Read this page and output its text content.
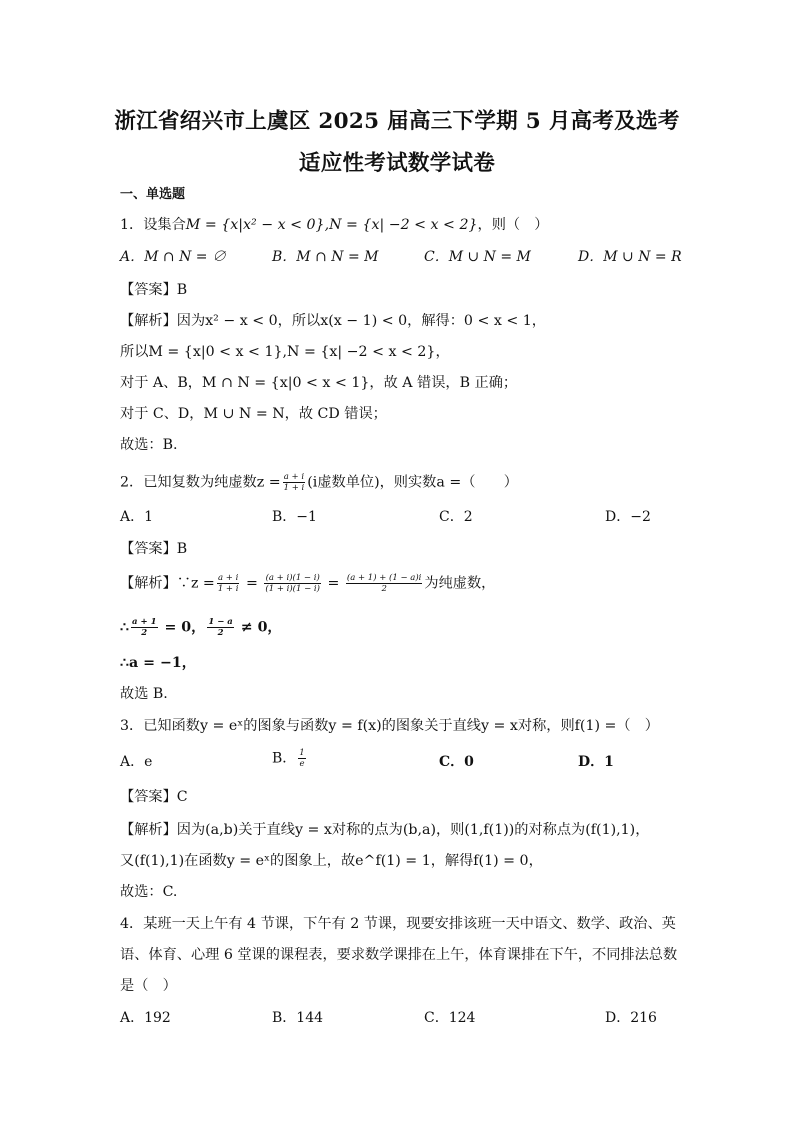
浙江省绍兴市上虞区 2025 届高三下学期 5 月高考及选考
适应性考试数学试卷
一、单选题
1．设集合M = {x|x² − x < 0},N = {x| −2 < x < 2}，则（　）
A．M ∩ N = ∅	B．M ∩ N = M	C．M ∪ N = M	D．M ∪ N = R
【答案】B
【解析】因为x² − x < 0，所以x(x − 1) < 0，解得：0 < x < 1，
所以M = {x|0 < x < 1},N = {x| −2 < x < 2}，
对于 A、B，M ∩ N = {x|0 < x < 1}，故 A 错误，B 正确；
对于 C、D，M ∪ N = N，故 CD 错误；
故选：B.
2．已知复数为纯虚数$z = \frac{a + i}{1 + i} (i$虚数单位)，则实数a =（　　）
A．1	B．−1	C．2	D．−2
【答案】B
【解析】∵z = $\frac{a + i}{1 + i} = \frac{(a + i)(1 - i)}{(1 + i)(1 - i)} = \frac{(a + 1) + (1 - a)i}{2}$ 为纯虚数，
∴ $\frac{a + 1}{2} = 0$， $\frac{1 - a}{2} \ne 0$，
∴a = −1，
故选 B.
3．已知函数y = eˣ的图象与函数y = f(x)的图象关于直线y = x对称，则f(1) =（　）
A．e	B． $\frac{1}{e}$	C．0	D．1
【答案】C
【解析】因为(a,b)关于直线y = x对称的点为(b,a)，则(1,f(1))的对称点为(f(1),1)，
又(f(1),1)在函数y = eˣ的图象上，故e^f(1) = 1，解得f(1) = 0，
故选：C.
4．某班一天上午有 4 节课，下午有 2 节课，现要安排该班一天中语文、数学、政治、英
语、体育、心理 6 堂课的课程表，要求数学课排在上午，体育课排在下午，不同排法总数
是（　）
A．192	B．144	C．124	D．216
